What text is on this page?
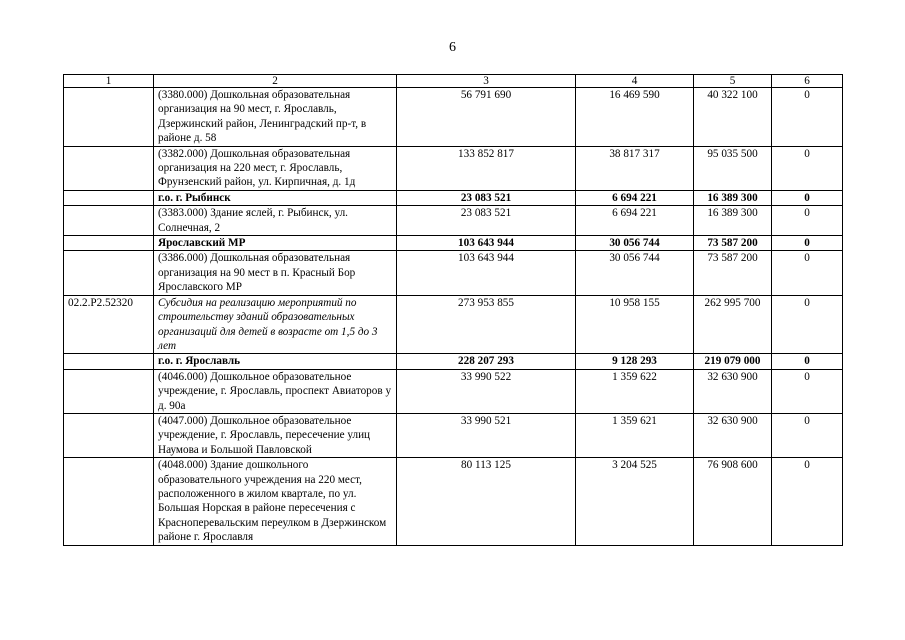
6
1	2	3	4	5	6
	(3380.000) Дошкольная образовательная организация на 90 мест, г. Ярославль, Дзержинский район, Ленинградский пр-т, в районе д. 58	56 791 690	16 469 590	40 322 100	0
	(3382.000) Дошкольная образовательная организация на 220 мест, г. Ярославль, Фрунзенский район, ул. Кирпичная, д. 1д	133 852 817	38 817 317	95 035 500	0
	г.о. г. Рыбинск	23 083 521	6 694 221	16 389 300	0
	(3383.000) Здание яслей, г. Рыбинск, ул. Солнечная, 2	23 083 521	6 694 221	16 389 300	0
	Ярославский МР	103 643 944	30 056 744	73 587 200	0
	(3386.000) Дошкольная образовательная организация на 90 мест в п. Красный Бор Ярославского МР	103 643 944	30 056 744	73 587 200	0
02.2.P2.52320	Субсидия на реализацию мероприятий по строительству зданий образовательных организаций для детей в возрасте от 1,5 до 3 лет	273 953 855	10 958 155	262 995 700	0
	г.о. г. Ярославль	228 207 293	9 128 293	219 079 000	0
	(4046.000) Дошкольное образовательное учреждение, г. Ярославль, проспект Авиаторов у д. 90а	33 990 522	1 359 622	32 630 900	0
	(4047.000) Дошкольное образовательное учреждение, г. Ярославль, пересечение улиц Наумова и Большой Павловской	33 990 521	1 359 621	32 630 900	0
	(4048.000) Здание дошкольного образовательного учреждения на 220 мест, расположенного в жилом квартале, по ул. Большая Норская в районе пересечения с Красноперевальским переулком в Дзержинском районе г. Ярославля	80 113 125	3 204 525	76 908 600	0
